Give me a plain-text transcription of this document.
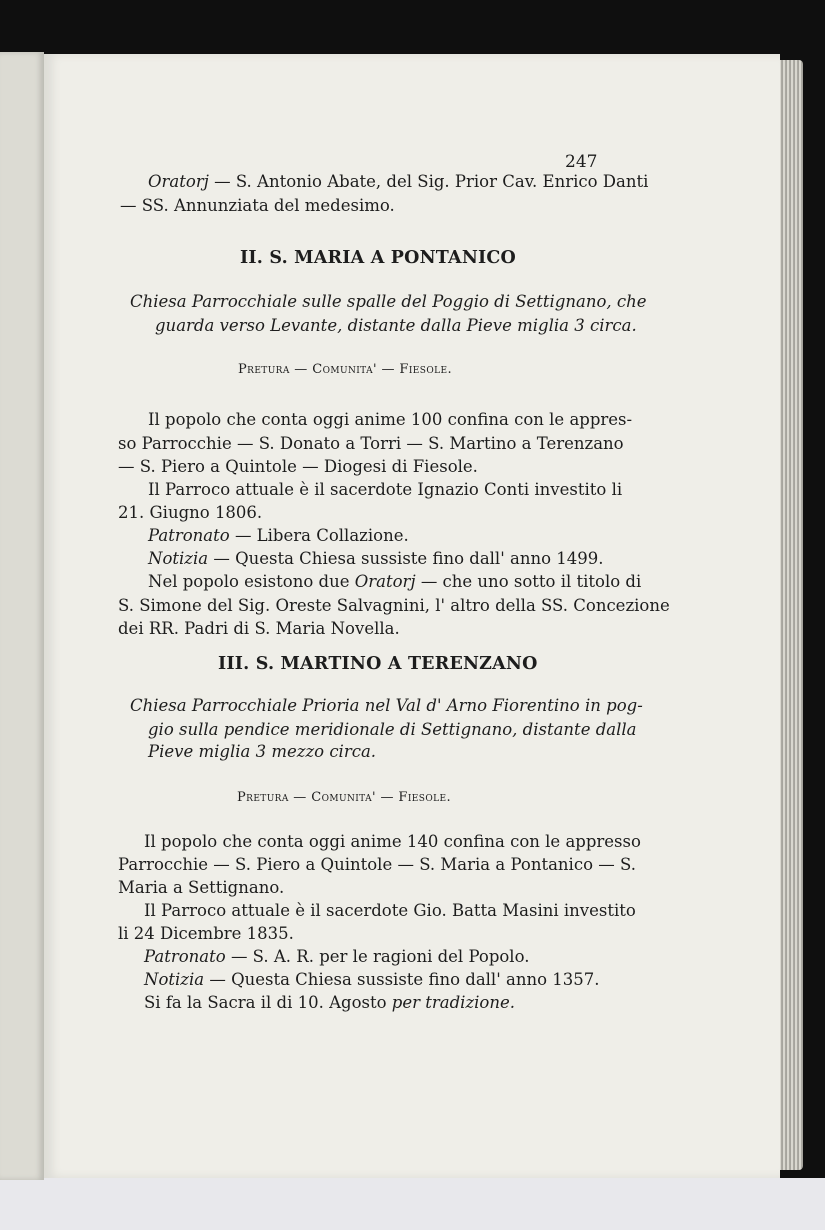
247
Oratorj — S. Antonio Abate, del Sig. Prior Cav. Enrico Danti
— SS. Annunziata del medesimo.
II. S. MARIA A PONTANICO
Chiesa Parrocchiale sulle spalle del Poggio di Settignano, che
guarda verso Levante, distante dalla Pieve miglia 3 circa.
Pretura — Comunita' — Fiesole.
Il popolo che conta oggi anime 100 confina con le appres-
so Parrocchie — S. Donato a Torri — S. Martino a Terenzano
— S. Piero a Quintole — Diogesi di Fiesole.
Il Parroco attuale è il sacerdote Ignazio Conti investito li
21. Giugno 1806.
Patronato — Libera Collazione.
Notizia — Questa Chiesa sussiste fino dall' anno 1499.
Nel popolo esistono due Oratorj — che uno sotto il titolo di
S. Simone del Sig. Oreste Salvagnini, l' altro della SS. Concezione
dei RR. Padri di S. Maria Novella.
III. S. MARTINO A TERENZANO
Chiesa Parrocchiale Prioria nel Val d' Arno Fiorentino in pog-
gio sulla pendice meridionale di Settignano, distante dalla
Pieve miglia 3 mezzo circa.
Pretura — Comunita' — Fiesole.
Il popolo che conta oggi anime 140 confina con le appresso
Parrocchie — S. Piero a Quintole — S. Maria a Pontanico — S.
Maria a Settignano.
Il Parroco attuale è il sacerdote Gio. Batta Masini investito
li 24 Dicembre 1835.
Patronato — S. A. R. per le ragioni del Popolo.
Notizia — Questa Chiesa sussiste fino dall' anno 1357.
Si fa la Sacra il di 10. Agosto per tradizione.
